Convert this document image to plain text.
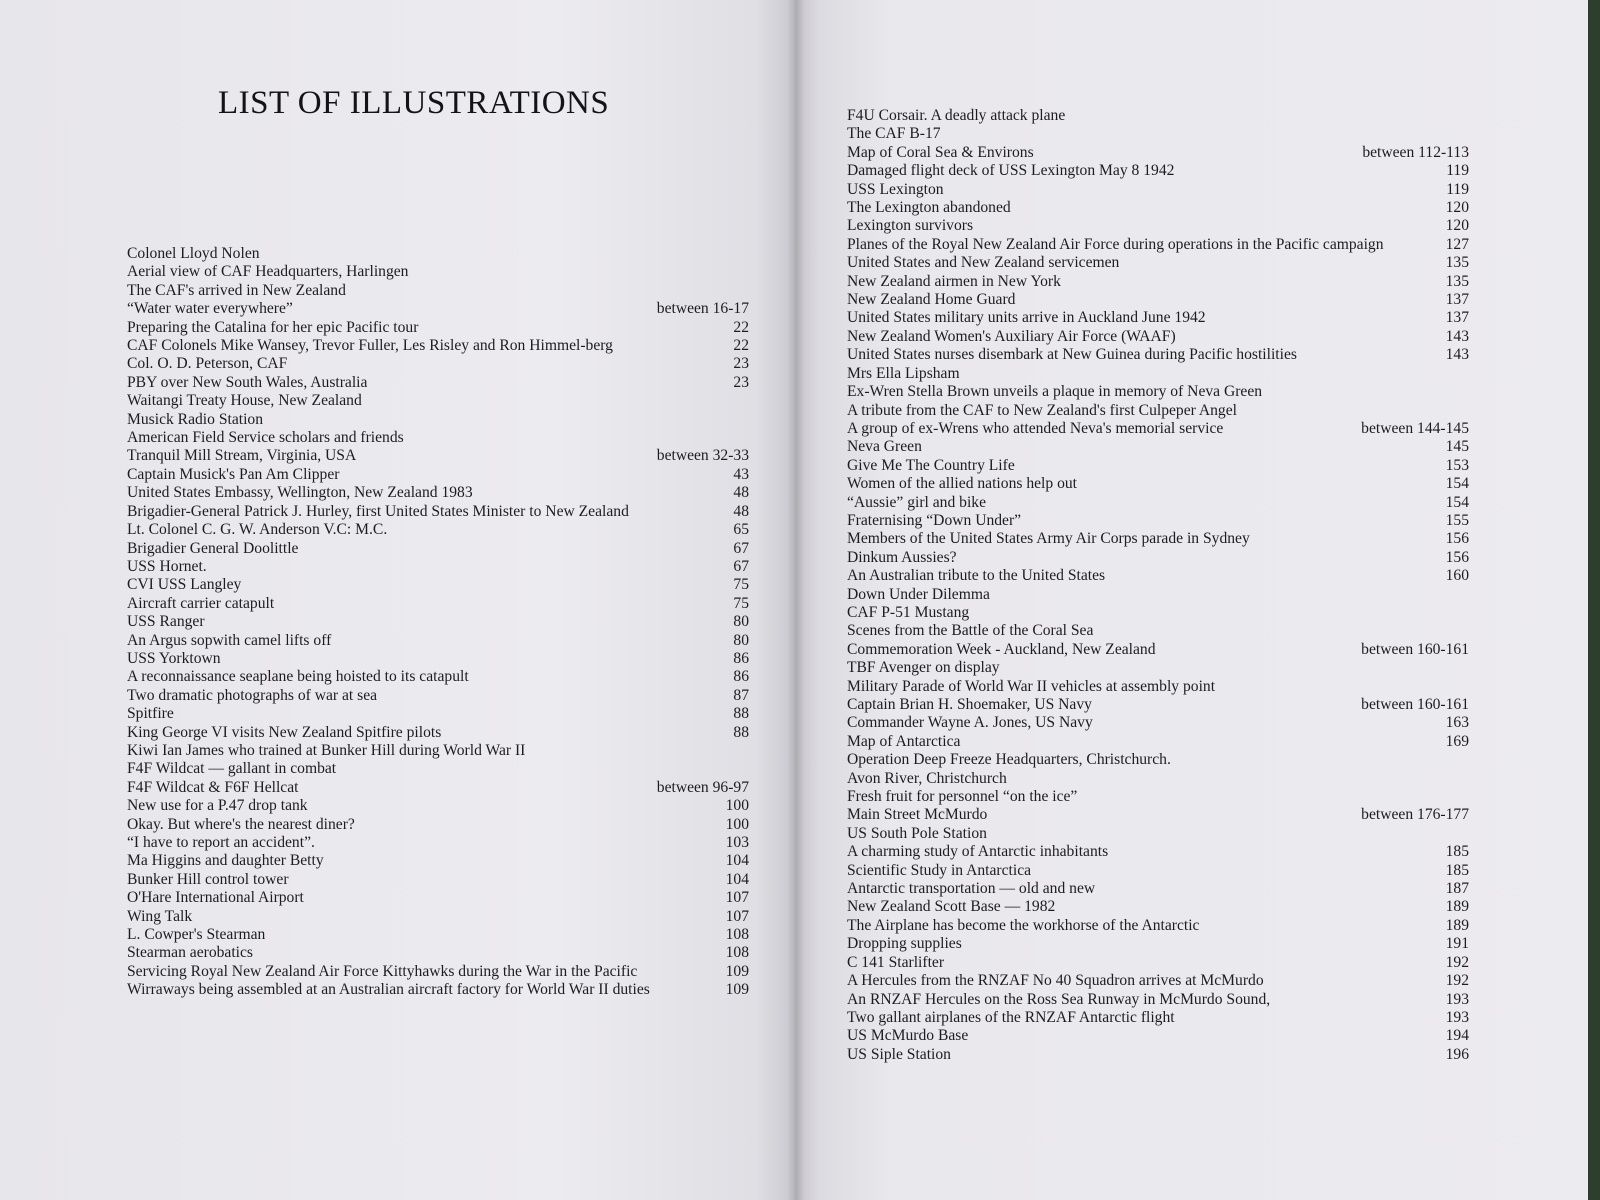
LIST OF ILLUSTRATIONS
Colonel Lloyd Nolen
Aerial view of CAF Headquarters, Harlingen
The CAF's arrived in New Zealand
“Water water everywhere”	between 16-17
Preparing the Catalina for her epic Pacific tour	22
CAF Colonels Mike Wansey, Trevor Fuller, Les Risley and Ron Himmel-berg	22
Col. O. D. Peterson, CAF	23
PBY over New South Wales, Australia	23
Waitangi Treaty House, New Zealand
Musick Radio Station
American Field Service scholars and friends
Tranquil Mill Stream, Virginia, USA	between 32-33
Captain Musick's Pan Am Clipper	43
United States Embassy, Wellington, New Zealand 1983	48
Brigadier-General Patrick J. Hurley, first United States Minister to New Zealand	48
Lt. Colonel C. G. W. Anderson V.C: M.C.	65
Brigadier General Doolittle	67
USS Hornet.	67
CVI USS Langley	75
Aircraft carrier catapult	75
USS Ranger	80
An Argus sopwith camel lifts off	80
USS Yorktown	86
A reconnaissance seaplane being hoisted to its catapult	86
Two dramatic photographs of war at sea	87
Spitfire	88
King George VI visits New Zealand Spitfire pilots	88
Kiwi Ian James who trained at Bunker Hill during World War II
F4F Wildcat — gallant in combat
F4F Wildcat & F6F Hellcat	between 96-97
New use for a P.47 drop tank	100
Okay. But where's the nearest diner?	100
“I have to report an accident”.	103
Ma Higgins and daughter Betty	104
Bunker Hill control tower	104
O'Hare International Airport	107
Wing Talk	107
L. Cowper's Stearman	108
Stearman aerobatics	108
Servicing Royal New Zealand Air Force Kittyhawks during the War in the Pacific	109
Wirraways being assembled at an Australian aircraft factory for World War II duties	109
F4U Corsair. A deadly attack plane
The CAF B-17
Map of Coral Sea & Environs	between 112-113
Damaged flight deck of USS Lexington May 8 1942	119
USS Lexington	119
The Lexington abandoned	120
Lexington survivors	120
Planes of the Royal New Zealand Air Force during operations in the Pacific campaign	127
United States and New Zealand servicemen	135
New Zealand airmen in New York	135
New Zealand Home Guard	137
United States military units arrive in Auckland June 1942	137
New Zealand Women's Auxiliary Air Force (WAAF)	143
United States nurses disembark at New Guinea during Pacific hostilities	143
Mrs Ella Lipsham
Ex-Wren Stella Brown unveils a plaque in memory of Neva Green
A tribute from the CAF to New Zealand's first Culpeper Angel
A group of ex-Wrens who attended Neva's memorial service	between 144-145
Neva Green	145
Give Me The Country Life	153
Women of the allied nations help out	154
“Aussie” girl and bike	154
Fraternising “Down Under”	155
Members of the United States Army Air Corps parade in Sydney	156
Dinkum Aussies?	156
An Australian tribute to the United States	160
Down Under Dilemma
CAF P-51 Mustang
Scenes from the Battle of the Coral Sea
Commemoration Week - Auckland, New Zealand	between 160-161
TBF Avenger on display
Military Parade of World War II vehicles at assembly point
Captain Brian H. Shoemaker, US Navy	between 160-161
Commander Wayne A. Jones, US Navy	163
Map of Antarctica	169
Operation Deep Freeze Headquarters, Christchurch.
Avon River, Christchurch
Fresh fruit for personnel “on the ice”
Main Street McMurdo	between 176-177
US South Pole Station
A charming study of Antarctic inhabitants	185
Scientific Study in Antarctica	185
Antarctic transportation — old and new	187
New Zealand Scott Base — 1982	189
The Airplane has become the workhorse of the Antarctic	189
Dropping supplies	191
C 141 Starlifter	192
A Hercules from the RNZAF No 40 Squadron arrives at McMurdo	192
An RNZAF Hercules on the Ross Sea Runway in McMurdo Sound,	193
Two gallant airplanes of the RNZAF Antarctic flight	193
US McMurdo Base	194
US Siple Station	196
